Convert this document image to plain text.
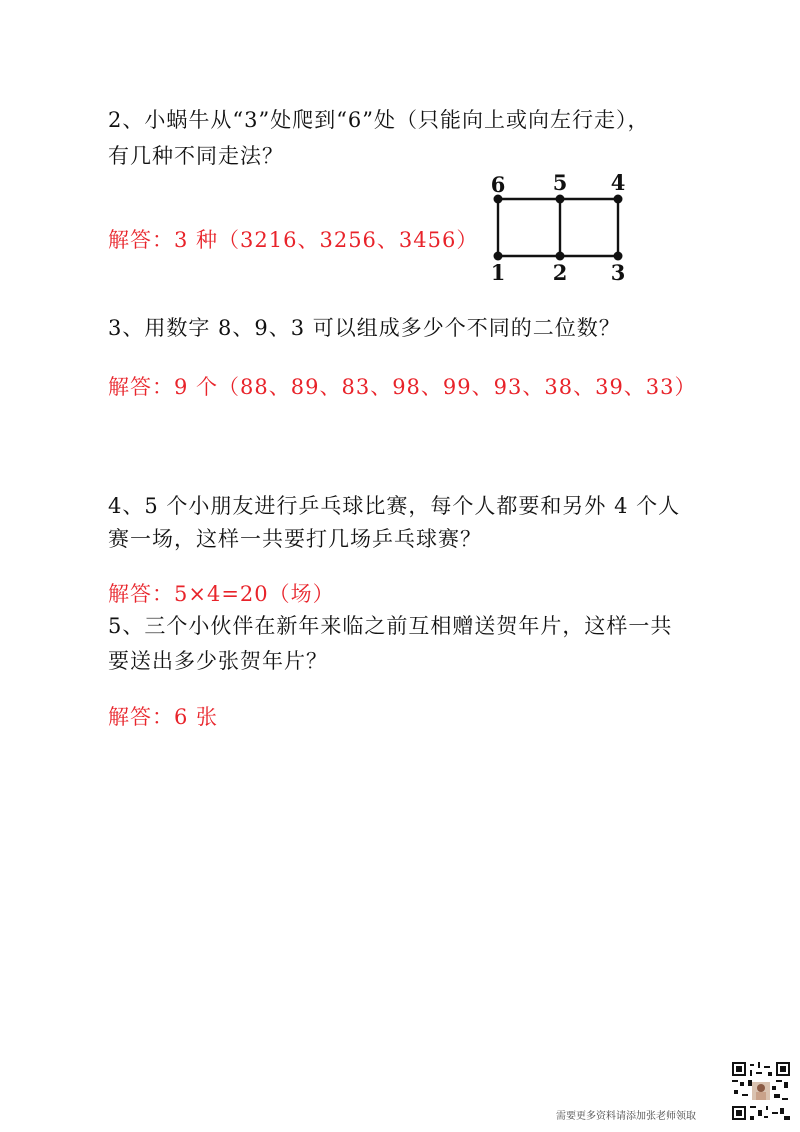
2、小蜗牛从“3”处爬到“6”处（只能向上或向左行走），
有几种不同走法？
解答：3 种（3216、3256、3456）
6 5 4
1 2 3
3、用数字 8、9、3 可以组成多少个不同的二位数？
解答：9 个（88、89、83、98、99、93、38、39、33）
4、5 个小朋友进行乒乓球比赛，每个人都要和另外 4 个人
赛一场，这样一共要打几场乒乓球赛？
解答：5×4=20（场）
5、三个小伙伴在新年来临之前互相赠送贺年片，这样一共
要送出多少张贺年片？
解答：6 张
需要更多资料请添加张老师领取
